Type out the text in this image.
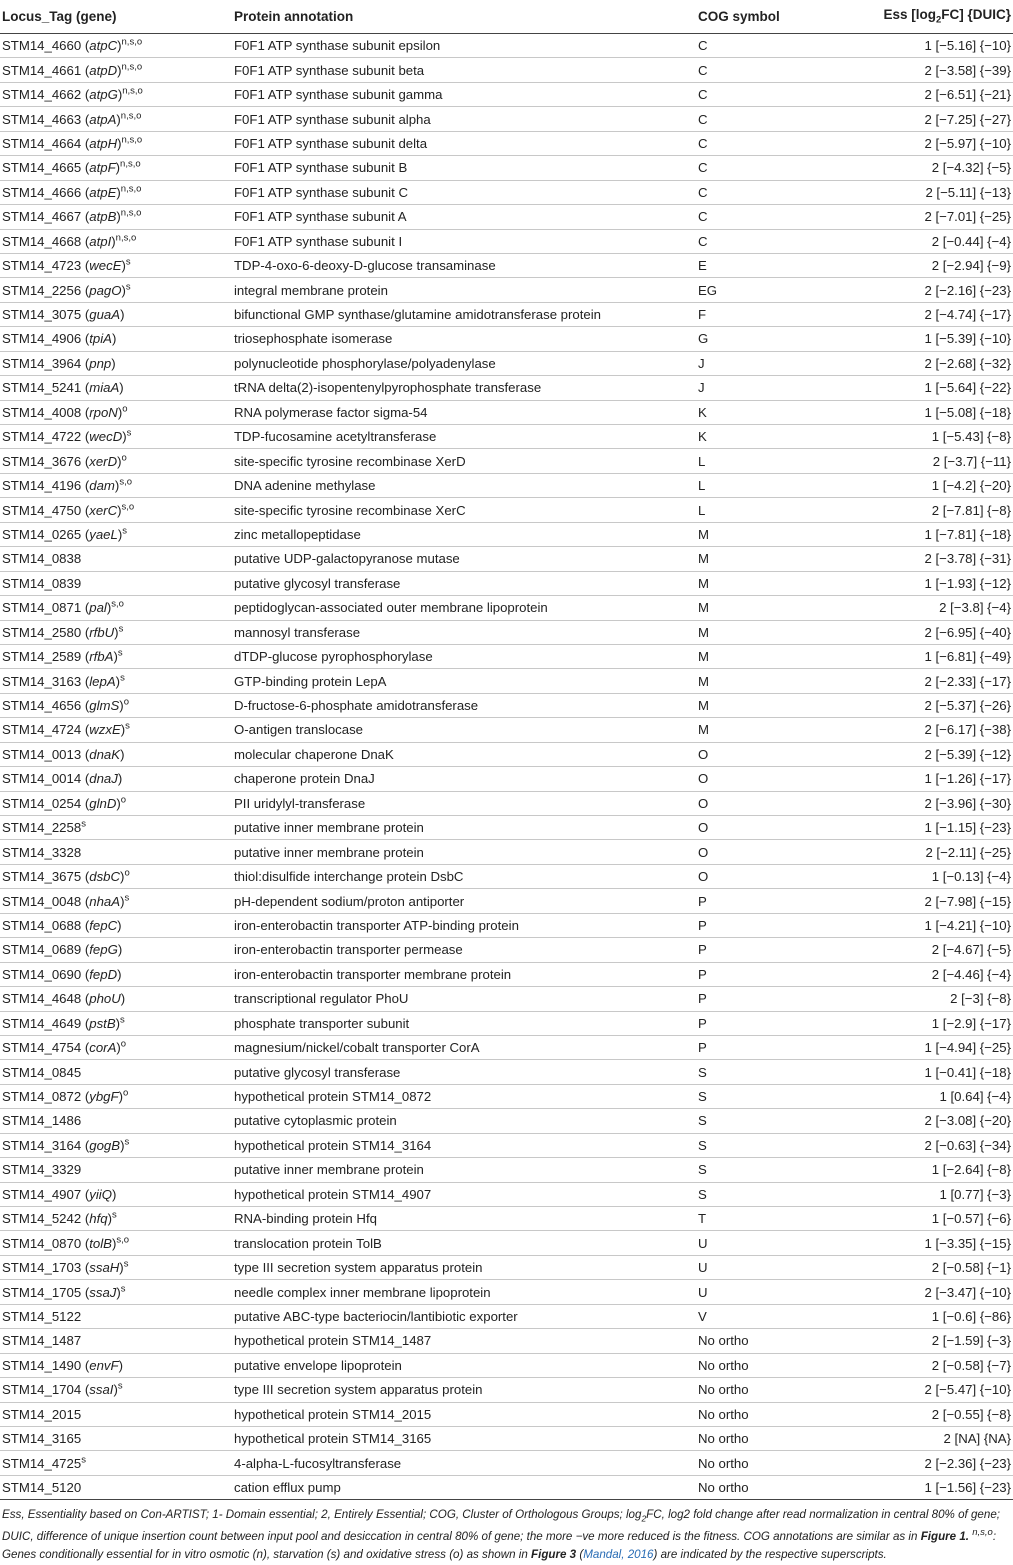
Locus_Tag (gene)	Protein annotation	COG symbol	Ess $[\log_2FC]$ {DUIC}
STM14_4660 (atpC)$^{n,s,o}$	F0F1 ATP synthase subunit epsilon	C	1 [−5.16] {−10}
STM14_4661 (atpD)$^{n,s,o}$	F0F1 ATP synthase subunit beta	C	2 [−3.58] {−39}
STM14_4662 (atpG)$^{n,s,o}$	F0F1 ATP synthase subunit gamma	C	2 [−6.51] {−21}
STM14_4663 (atpA)$^{n,s,o}$	F0F1 ATP synthase subunit alpha	C	2 [−7.25] {−27}
STM14_4664 (atpH)$^{n,s,o}$	F0F1 ATP synthase subunit delta	C	2 [−5.97] {−10}
STM14_4665 (atpF)$^{n,s,o}$	F0F1 ATP synthase subunit B	C	2 [−4.32] {−5}
STM14_4666 (atpE)$^{n,s,o}$	F0F1 ATP synthase subunit C	C	2 [−5.11] {−13}
STM14_4667 (atpB)$^{n,s,o}$	F0F1 ATP synthase subunit A	C	2 [−7.01] {−25}
STM14_4668 (atpI)$^{n,s,o}$	F0F1 ATP synthase subunit I	C	2 [−0.44] {−4}
STM14_4723 (wecE)$^s$	TDP-4-oxo-6-deoxy-D-glucose transaminase	E	2 [−2.94] {−9}
STM14_2256 (pagO)$^s$	integral membrane protein	EG	2 [−2.16] {−23}
STM14_3075 (guaA)	bifunctional GMP synthase/glutamine amidotransferase protein	F	2 [−4.74] {−17}
STM14_4906 (tpiA)	triosephosphate isomerase	G	1 [−5.39] {−10}
STM14_3964 (pnp)	polynucleotide phosphorylase/polyadenylase	J	2 [−2.68] {−32}
STM14_5241 (miaA)	tRNA delta(2)-isopentenylpyrophosphate transferase	J	1 [−5.64] {−22}
STM14_4008 (rpoN)$^o$	RNA polymerase factor sigma-54	K	1 [−5.08] {−18}
STM14_4722 (wecD)$^s$	TDP-fucosamine acetyltransferase	K	1 [−5.43] {−8}
STM14_3676 (xerD)$^o$	site-specific tyrosine recombinase XerD	L	2 [−3.7] {−11}
STM14_4196 (dam)$^{s,o}$	DNA adenine methylase	L	1 [−4.2] {−20}
STM14_4750 (xerC)$^{s,o}$	site-specific tyrosine recombinase XerC	L	2 [−7.81] {−8}
STM14_0265 (yaeL)$^s$	zinc metallopeptidase	M	1 [−7.81] {−18}
STM14_0838	putative UDP-galactopyranose mutase	M	2 [−3.78] {−31}
STM14_0839	putative glycosyl transferase	M	1 [−1.93] {−12}
STM14_0871 (pal)$^{s,o}$	peptidoglycan-associated outer membrane lipoprotein	M	2 [−3.8] {−4}
STM14_2580 (rfbU)$^s$	mannosyl transferase	M	2 [−6.95] {−40}
STM14_2589 (rfbA)$^s$	dTDP-glucose pyrophosphorylase	M	1 [−6.81] {−49}
STM14_3163 (lepA)$^s$	GTP-binding protein LepA	M	2 [−2.33] {−17}
STM14_4656 (glmS)$^o$	D-fructose-6-phosphate amidotransferase	M	2 [−5.37] {−26}
STM14_4724 (wzxE)$^s$	O-antigen translocase	M	2 [−6.17] {−38}
STM14_0013 (dnaK)	molecular chaperone DnaK	O	2 [−5.39] {−12}
STM14_0014 (dnaJ)	chaperone protein DnaJ	O	1 [−1.26] {−17}
STM14_0254 $(glnD)^o$	PII uridylyl-transferase	O	2 [−3.96] {−30}
STM14_2258$^s$	putative inner membrane protein	O	1 [−1.15] {−23}
STM14_3328	putative inner membrane protein	O	2 [−2.11] {−25}
STM14_3675 (dsbC)$^o$	thiol:disulfide interchange protein DsbC	O	1 [−0.13] {−4}
STM14_0048 (nhaA)$^s$	pH-dependent sodium/proton antiporter	P	2 [−7.98] {−15}
STM14_0688 (fepC)	iron-enterobactin transporter ATP-binding protein	P	1 [−4.21] {−10}
STM14_0689 (fepG)	iron-enterobactin transporter permease	P	2 [−4.67] {−5}
STM14_0690 (fepD)	iron-enterobactin transporter membrane protein	P	2 [−4.46] {−4}
STM14_4648 (phoU)	transcriptional regulator PhoU	P	2 [−3] {−8}
STM14_4649 (pstB)$^s$	phosphate transporter subunit	P	1 [−2.9] {−17}
STM14_4754 (corA)$^o$	magnesium/nickel/cobalt transporter CorA	P	1 [−4.94] {−25}
STM14_0845	putative glycosyl transferase	S	1 [−0.41] {−18}
STM14_0872 (ybgF)$^o$	hypothetical protein STM14_0872	S	1 [0.64] {−4}
STM14_1486	putative cytoplasmic protein	S	2 [−3.08] {−20}
STM14_3164 (gogB)$^s$	hypothetical protein STM14_3164	S	2 [−0.63] {−34}
STM14_3329	putative inner membrane protein	S	1 [−2.64] {−8}
STM14_4907 (yiiQ)	hypothetical protein STM14_4907	S	1 [0.77] {−3}
STM14_5242 (hfq)$^s$	RNA-binding protein Hfq	T	1 [−0.57] {−6}
STM14_0870 (tolB)$^{s,o}$	translocation protein TolB	U	1 [−3.35] {−15}
STM14_1703 (ssaH)$^s$	type III secretion system apparatus protein	U	2 [−0.58] {−1}
STM14_1705 (ssaJ)$^s$	needle complex inner membrane lipoprotein	U	2 [−3.47] {−10}
STM14_5122	putative ABC-type bacteriocin/lantibiotic exporter	V	1 [−0.6] {−86}
STM14_1487	hypothetical protein STM14_1487	No ortho	2 [−1.59] {−3}
STM14_1490 (envF)	putative envelope lipoprotein	No ortho	2 [−0.58] {−7}
STM14_1704 (ssaI)$^s$	type III secretion system apparatus protein	No ortho	2 [−5.47] {−10}
STM14_2015	hypothetical protein STM14_2015	No ortho	2 [−0.55] {−8}
STM14_3165	hypothetical protein STM14_3165	No ortho	2 [NA] {NA}
STM14_4725$^s$	4-alpha-L-fucosyltransferase	No ortho	2 [−2.36] {−23}
STM14_5120	cation efflux pump	No ortho	1 [−1.56] {−23}
Ess, Essentiality based on Con-ARTIST; 1- Domain essential; 2, Entirely Essential; COG, Cluster of Orthologous Groups; $\log_2FC$, log2 fold change after read normalization in central 80% of gene; DUIC, difference of unique insertion count between input pool and desiccation in central 80% of gene; the more −ve more reduced is the fitness. COG annotations are similar as in Figure 1. $^{n,s,o}$: Genes conditionally essential for in vitro osmotic (n), starvation (s) and oxidative stress (o) as shown in Figure 3 (Mandal, 2016) are indicated by the respective superscripts.
